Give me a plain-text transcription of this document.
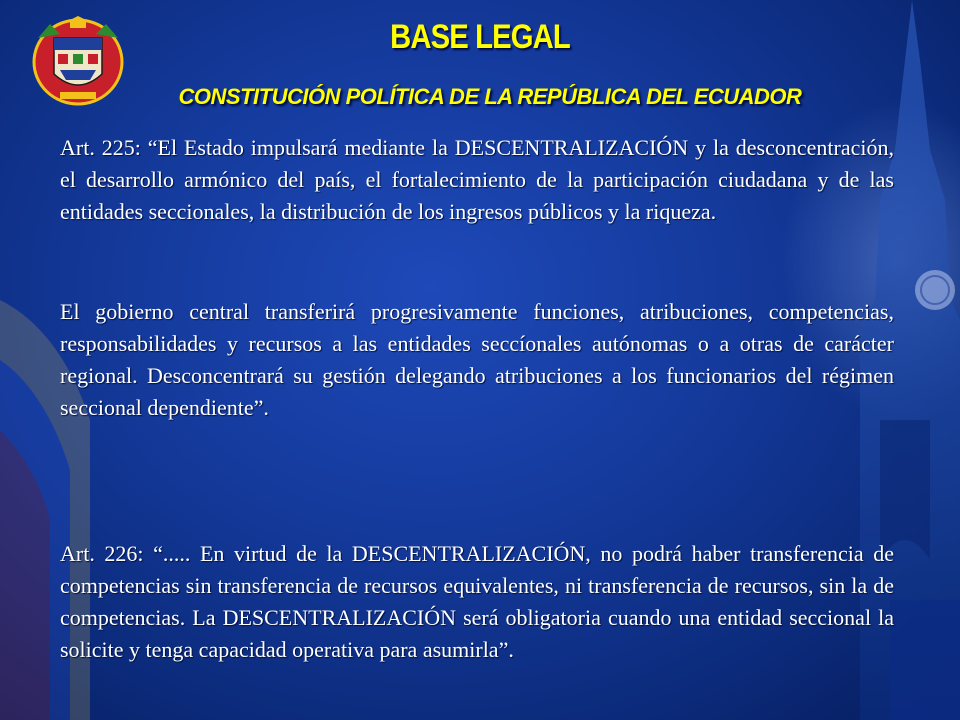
BASE LEGAL
CONSTITUCIÓN POLÍTICA DE LA REPÚBLICA DEL ECUADOR
Art. 225: “El Estado impulsará mediante la DESCENTRALIZACIÓN y la desconcentración, el desarrollo armónico del país, el fortalecimiento de la participación ciudadana y de las entidades seccionales, la distribución de los ingresos públicos y la riqueza.
El gobierno central transferirá progresivamente funciones, atribuciones, competencias, responsabilidades y recursos a las entidades seccíonales autónomas o a otras de carácter regional. Desconcentrará su gestión delegando atribuciones a los funcionarios del régimen seccional dependiente”.
Art. 226: “..... En virtud de la DESCENTRALIZACIÓN, no podrá haber transferencia de competencias sin transferencia de recursos equivalentes, ni transferencia de recursos, sin la de competencias. La DESCENTRALIZACIÓN será obligatoria cuando una entidad seccional la solicite y tenga capacidad operativa para asumirla”.
